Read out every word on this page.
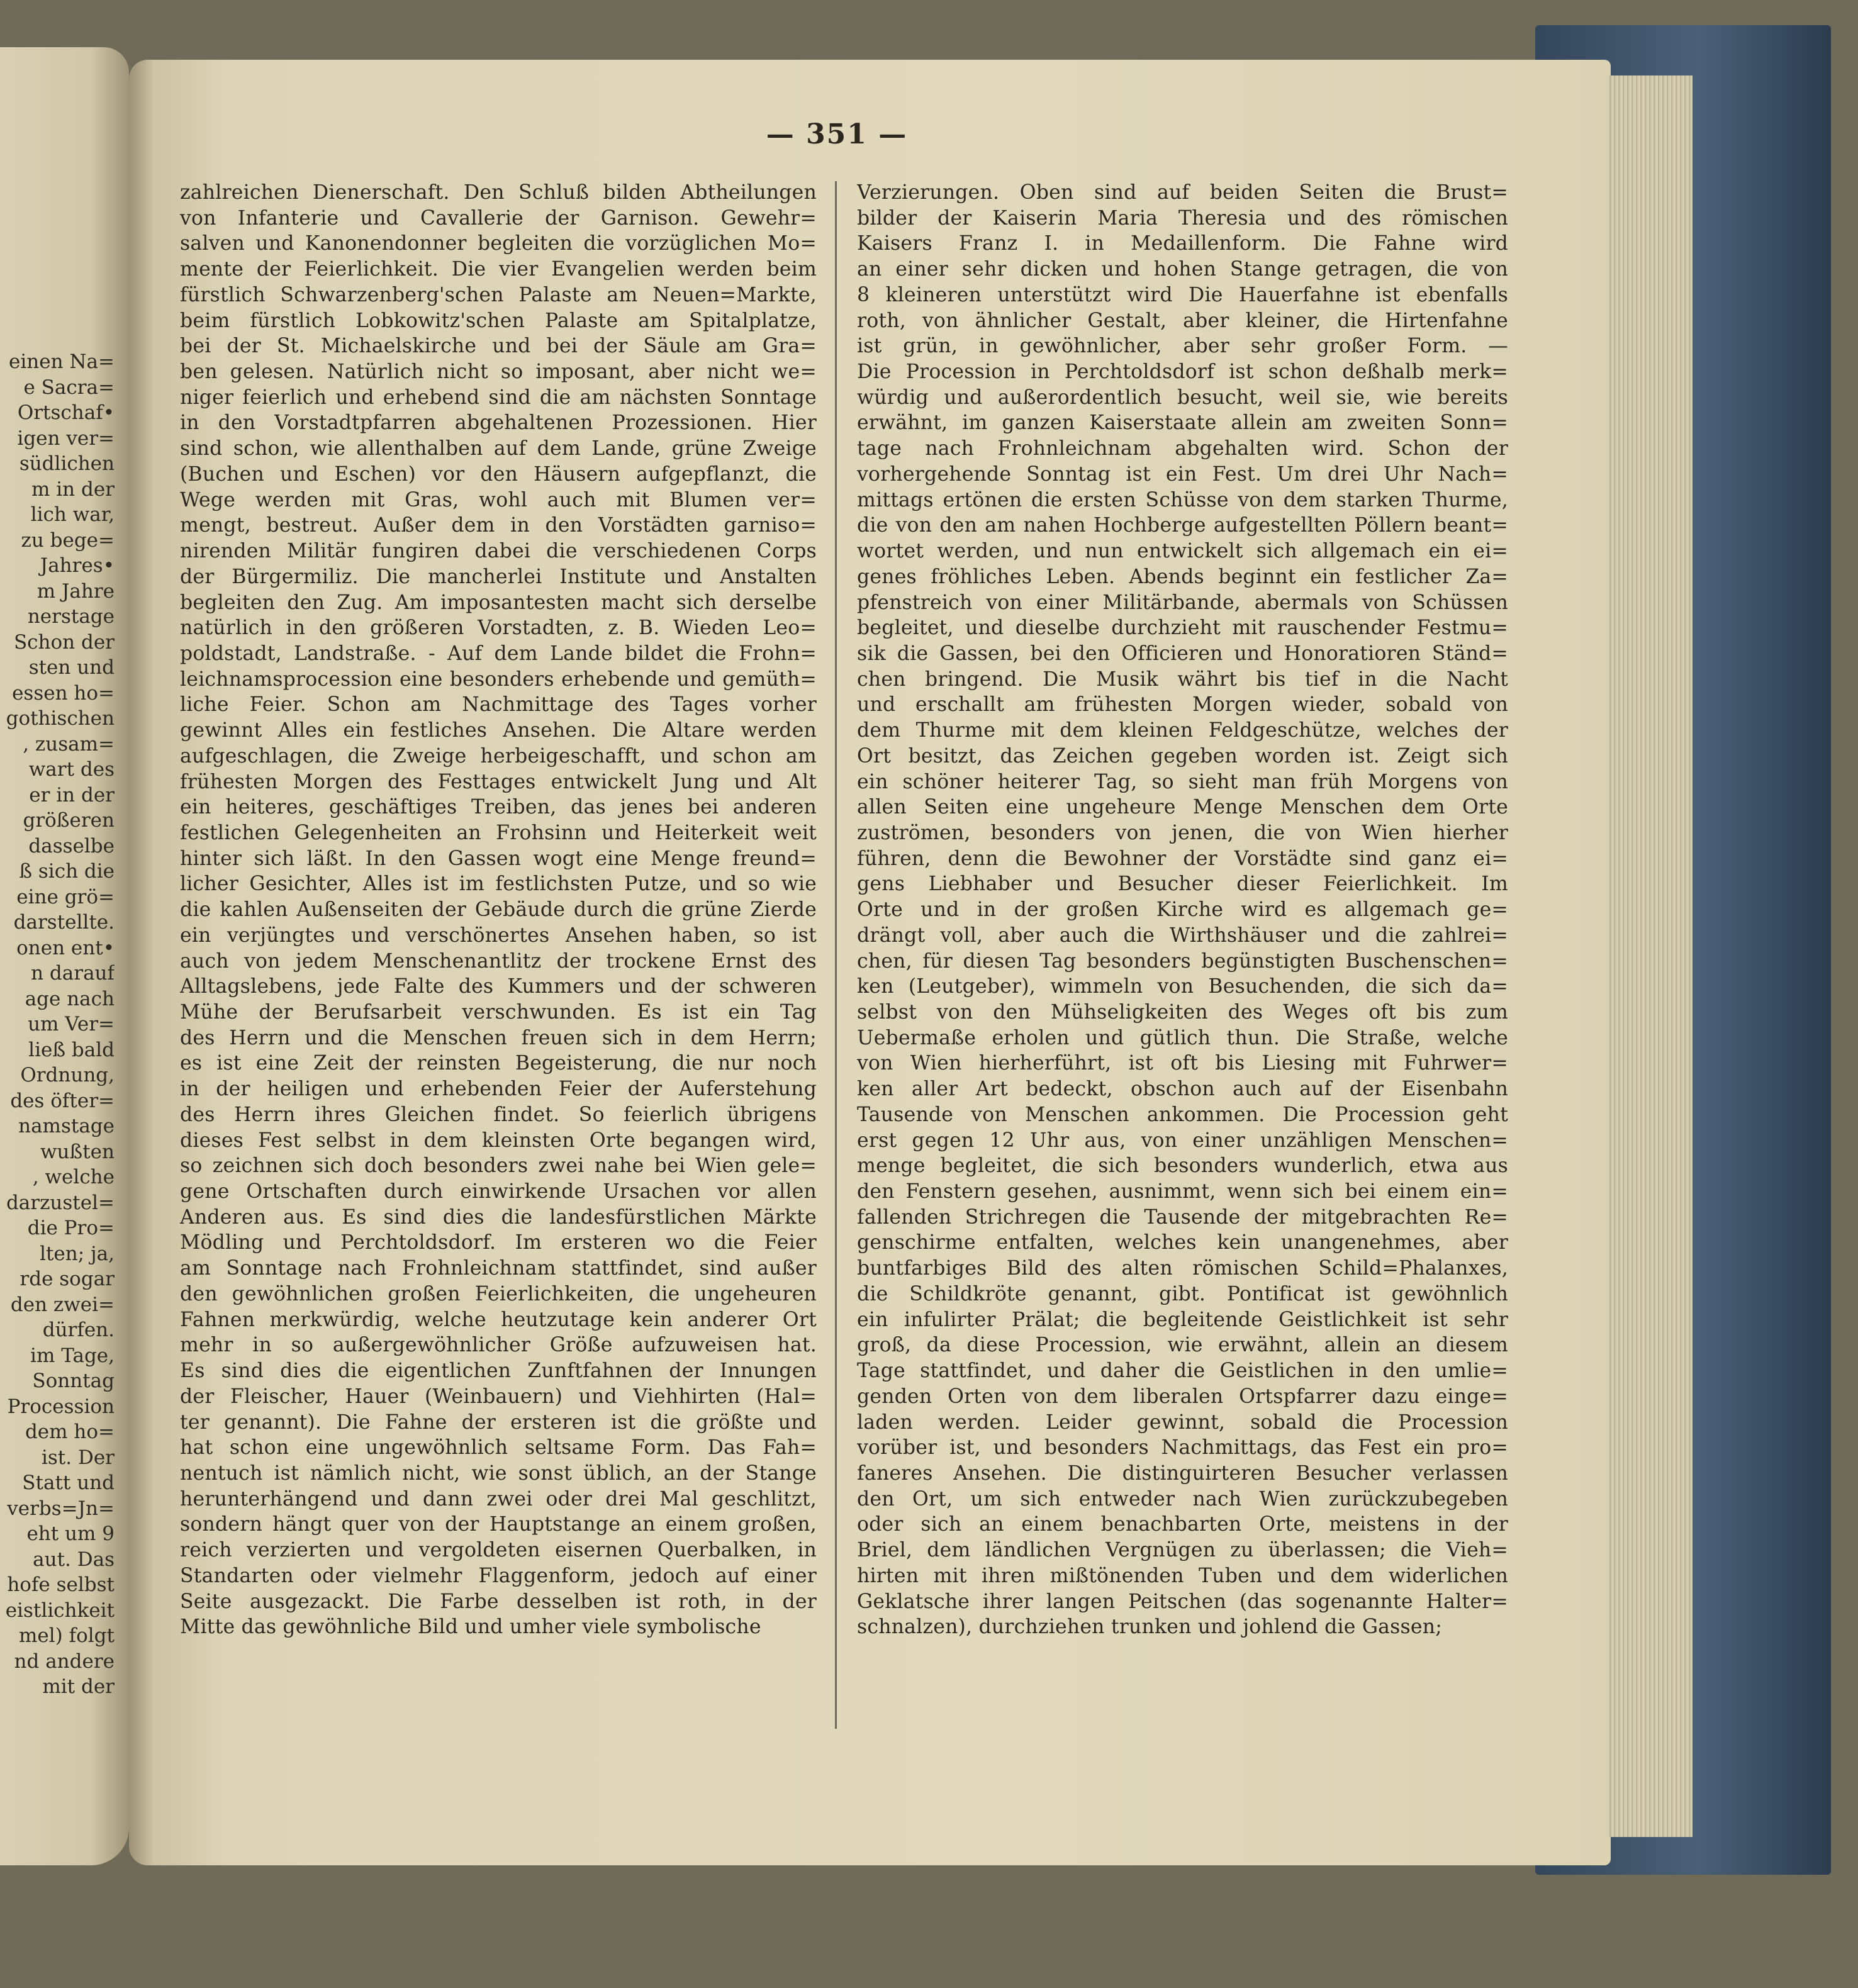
einen Na=
e Sacra=
Ortschaf•
igen ver=
südlichen
m in der
lich war,
zu bege=
Jahres•
m Jahre
nerstage
Schon der
sten und
essen ho=
gothischen
, zusam=
wart des
er in der
größeren
dasselbe
ß sich die
eine grö=
darstellte.
onen ent•
n darauf
age nach
um Ver=
ließ bald
Ordnung,
des öfter=
namstage
wußten
, welche
darzustel=
die Pro=
lten; ja,
rde sogar
den zwei=
dürfen.
im Tage,
Sonntag
Procession
dem ho=
ist. Der
Statt und
verbs=Jn=
eht um 9
aut. Das
hofe selbst
eistlichkeit
mel) folgt
nd andere
mit der
— 351 —
zahlreichen Dienerschaft. Den Schluß bilden Abtheilungen
von Infanterie und Cavallerie der Garnison. Gewehr=
salven und Kanonendonner begleiten die vorzüglichen Mo=
mente der Feierlichkeit. Die vier Evangelien werden beim
fürstlich Schwarzenberg'schen Palaste am Neuen=Markte,
beim fürstlich Lobkowitz'schen Palaste am Spitalplatze,
bei der St. Michaelskirche und bei der Säule am Gra=
ben gelesen. Natürlich nicht so imposant, aber nicht we=
niger feierlich und erhebend sind die am nächsten Sonntage
in den Vorstadtpfarren abgehaltenen Prozessionen. Hier
sind schon, wie allenthalben auf dem Lande, grüne Zweige
(Buchen und Eschen) vor den Häusern aufgepflanzt, die
Wege werden mit Gras, wohl auch mit Blumen ver=
mengt, bestreut. Außer dem in den Vorstädten garniso=
nirenden Militär fungiren dabei die verschiedenen Corps
der Bürgermiliz. Die mancherlei Institute und Anstalten
begleiten den Zug. Am imposantesten macht sich derselbe
natürlich in den größeren Vorstadten, z. B. Wieden Leo=
poldstadt, Landstraße. - Auf dem Lande bildet die Frohn=
leichnamsprocession eine besonders erhebende und gemüth=
liche Feier. Schon am Nachmittage des Tages vorher
gewinnt Alles ein festliches Ansehen. Die Altare werden
aufgeschlagen, die Zweige herbeigeschafft, und schon am
frühesten Morgen des Festtages entwickelt Jung und Alt
ein heiteres, geschäftiges Treiben, das jenes bei anderen
festlichen Gelegenheiten an Frohsinn und Heiterkeit weit
hinter sich läßt. In den Gassen wogt eine Menge freund=
licher Gesichter, Alles ist im festlichsten Putze, und so wie
die kahlen Außenseiten der Gebäude durch die grüne Zierde
ein verjüngtes und verschönertes Ansehen haben, so ist
auch von jedem Menschenantlitz der trockene Ernst des
Alltagslebens, jede Falte des Kummers und der schweren
Mühe der Berufsarbeit verschwunden. Es ist ein Tag
des Herrn und die Menschen freuen sich in dem Herrn;
es ist eine Zeit der reinsten Begeisterung, die nur noch
in der heiligen und erhebenden Feier der Auferstehung
des Herrn ihres Gleichen findet. So feierlich übrigens
dieses Fest selbst in dem kleinsten Orte begangen wird,
so zeichnen sich doch besonders zwei nahe bei Wien gele=
gene Ortschaften durch einwirkende Ursachen vor allen
Anderen aus. Es sind dies die landesfürstlichen Märkte
Mödling und Perchtoldsdorf. Im ersteren wo die Feier
am Sonntage nach Frohnleichnam stattfindet, sind außer
den gewöhnlichen großen Feierlichkeiten, die ungeheuren
Fahnen merkwürdig, welche heutzutage kein anderer Ort
mehr in so außergewöhnlicher Größe aufzuweisen hat.
Es sind dies die eigentlichen Zunftfahnen der Innungen
der Fleischer, Hauer (Weinbauern) und Viehhirten (Hal=
ter genannt). Die Fahne der ersteren ist die größte und
hat schon eine ungewöhnlich seltsame Form. Das Fah=
nentuch ist nämlich nicht, wie sonst üblich, an der Stange
herunterhängend und dann zwei oder drei Mal geschlitzt,
sondern hängt quer von der Hauptstange an einem großen,
reich verzierten und vergoldeten eisernen Querbalken, in
Standarten oder vielmehr Flaggenform, jedoch auf einer
Seite ausgezackt. Die Farbe desselben ist roth, in der
Mitte das gewöhnliche Bild und umher viele symbolische
Verzierungen. Oben sind auf beiden Seiten die Brust=
bilder der Kaiserin Maria Theresia und des römischen
Kaisers Franz I. in Medaillenform. Die Fahne wird
an einer sehr dicken und hohen Stange getragen, die von
8 kleineren unterstützt wird Die Hauerfahne ist ebenfalls
roth, von ähnlicher Gestalt, aber kleiner, die Hirtenfahne
ist grün, in gewöhnlicher, aber sehr großer Form. —
Die Procession in Perchtoldsdorf ist schon deßhalb merk=
würdig und außerordentlich besucht, weil sie, wie bereits
erwähnt, im ganzen Kaiserstaate allein am zweiten Sonn=
tage nach Frohnleichnam abgehalten wird. Schon der
vorhergehende Sonntag ist ein Fest. Um drei Uhr Nach=
mittags ertönen die ersten Schüsse von dem starken Thurme,
die von den am nahen Hochberge aufgestellten Pöllern beant=
wortet werden, und nun entwickelt sich allgemach ein ei=
genes fröhliches Leben. Abends beginnt ein festlicher Za=
pfenstreich von einer Militärbande, abermals von Schüssen
begleitet, und dieselbe durchzieht mit rauschender Festmu=
sik die Gassen, bei den Officieren und Honoratioren Ständ=
chen bringend. Die Musik währt bis tief in die Nacht
und erschallt am frühesten Morgen wieder, sobald von
dem Thurme mit dem kleinen Feldgeschütze, welches der
Ort besitzt, das Zeichen gegeben worden ist. Zeigt sich
ein schöner heiterer Tag, so sieht man früh Morgens von
allen Seiten eine ungeheure Menge Menschen dem Orte
zuströmen, besonders von jenen, die von Wien hierher
führen, denn die Bewohner der Vorstädte sind ganz ei=
gens Liebhaber und Besucher dieser Feierlichkeit. Im
Orte und in der großen Kirche wird es allgemach ge=
drängt voll, aber auch die Wirthshäuser und die zahlrei=
chen, für diesen Tag besonders begünstigten Buschenschen=
ken (Leutgeber), wimmeln von Besuchenden, die sich da=
selbst von den Mühseligkeiten des Weges oft bis zum
Uebermaße erholen und gütlich thun. Die Straße, welche
von Wien hierherführt, ist oft bis Liesing mit Fuhrwer=
ken aller Art bedeckt, obschon auch auf der Eisenbahn
Tausende von Menschen ankommen. Die Procession geht
erst gegen 12 Uhr aus, von einer unzähligen Menschen=
menge begleitet, die sich besonders wunderlich, etwa aus
den Fenstern gesehen, ausnimmt, wenn sich bei einem ein=
fallenden Strichregen die Tausende der mitgebrachten Re=
genschirme entfalten, welches kein unangenehmes, aber
buntfarbiges Bild des alten römischen Schild=Phalanxes,
die Schildkröte genannt, gibt. Pontificat ist gewöhnlich
ein infulirter Prälat; die begleitende Geistlichkeit ist sehr
groß, da diese Procession, wie erwähnt, allein an diesem
Tage stattfindet, und daher die Geistlichen in den umlie=
genden Orten von dem liberalen Ortspfarrer dazu einge=
laden werden. Leider gewinnt, sobald die Procession
vorüber ist, und besonders Nachmittags, das Fest ein pro=
faneres Ansehen. Die distinguirteren Besucher verlassen
den Ort, um sich entweder nach Wien zurückzubegeben
oder sich an einem benachbarten Orte, meistens in der
Briel, dem ländlichen Vergnügen zu überlassen; die Vieh=
hirten mit ihren mißtönenden Tuben und dem widerlichen
Geklatsche ihrer langen Peitschen (das sogenannte Halter=
schnalzen), durchziehen trunken und johlend die Gassen;
